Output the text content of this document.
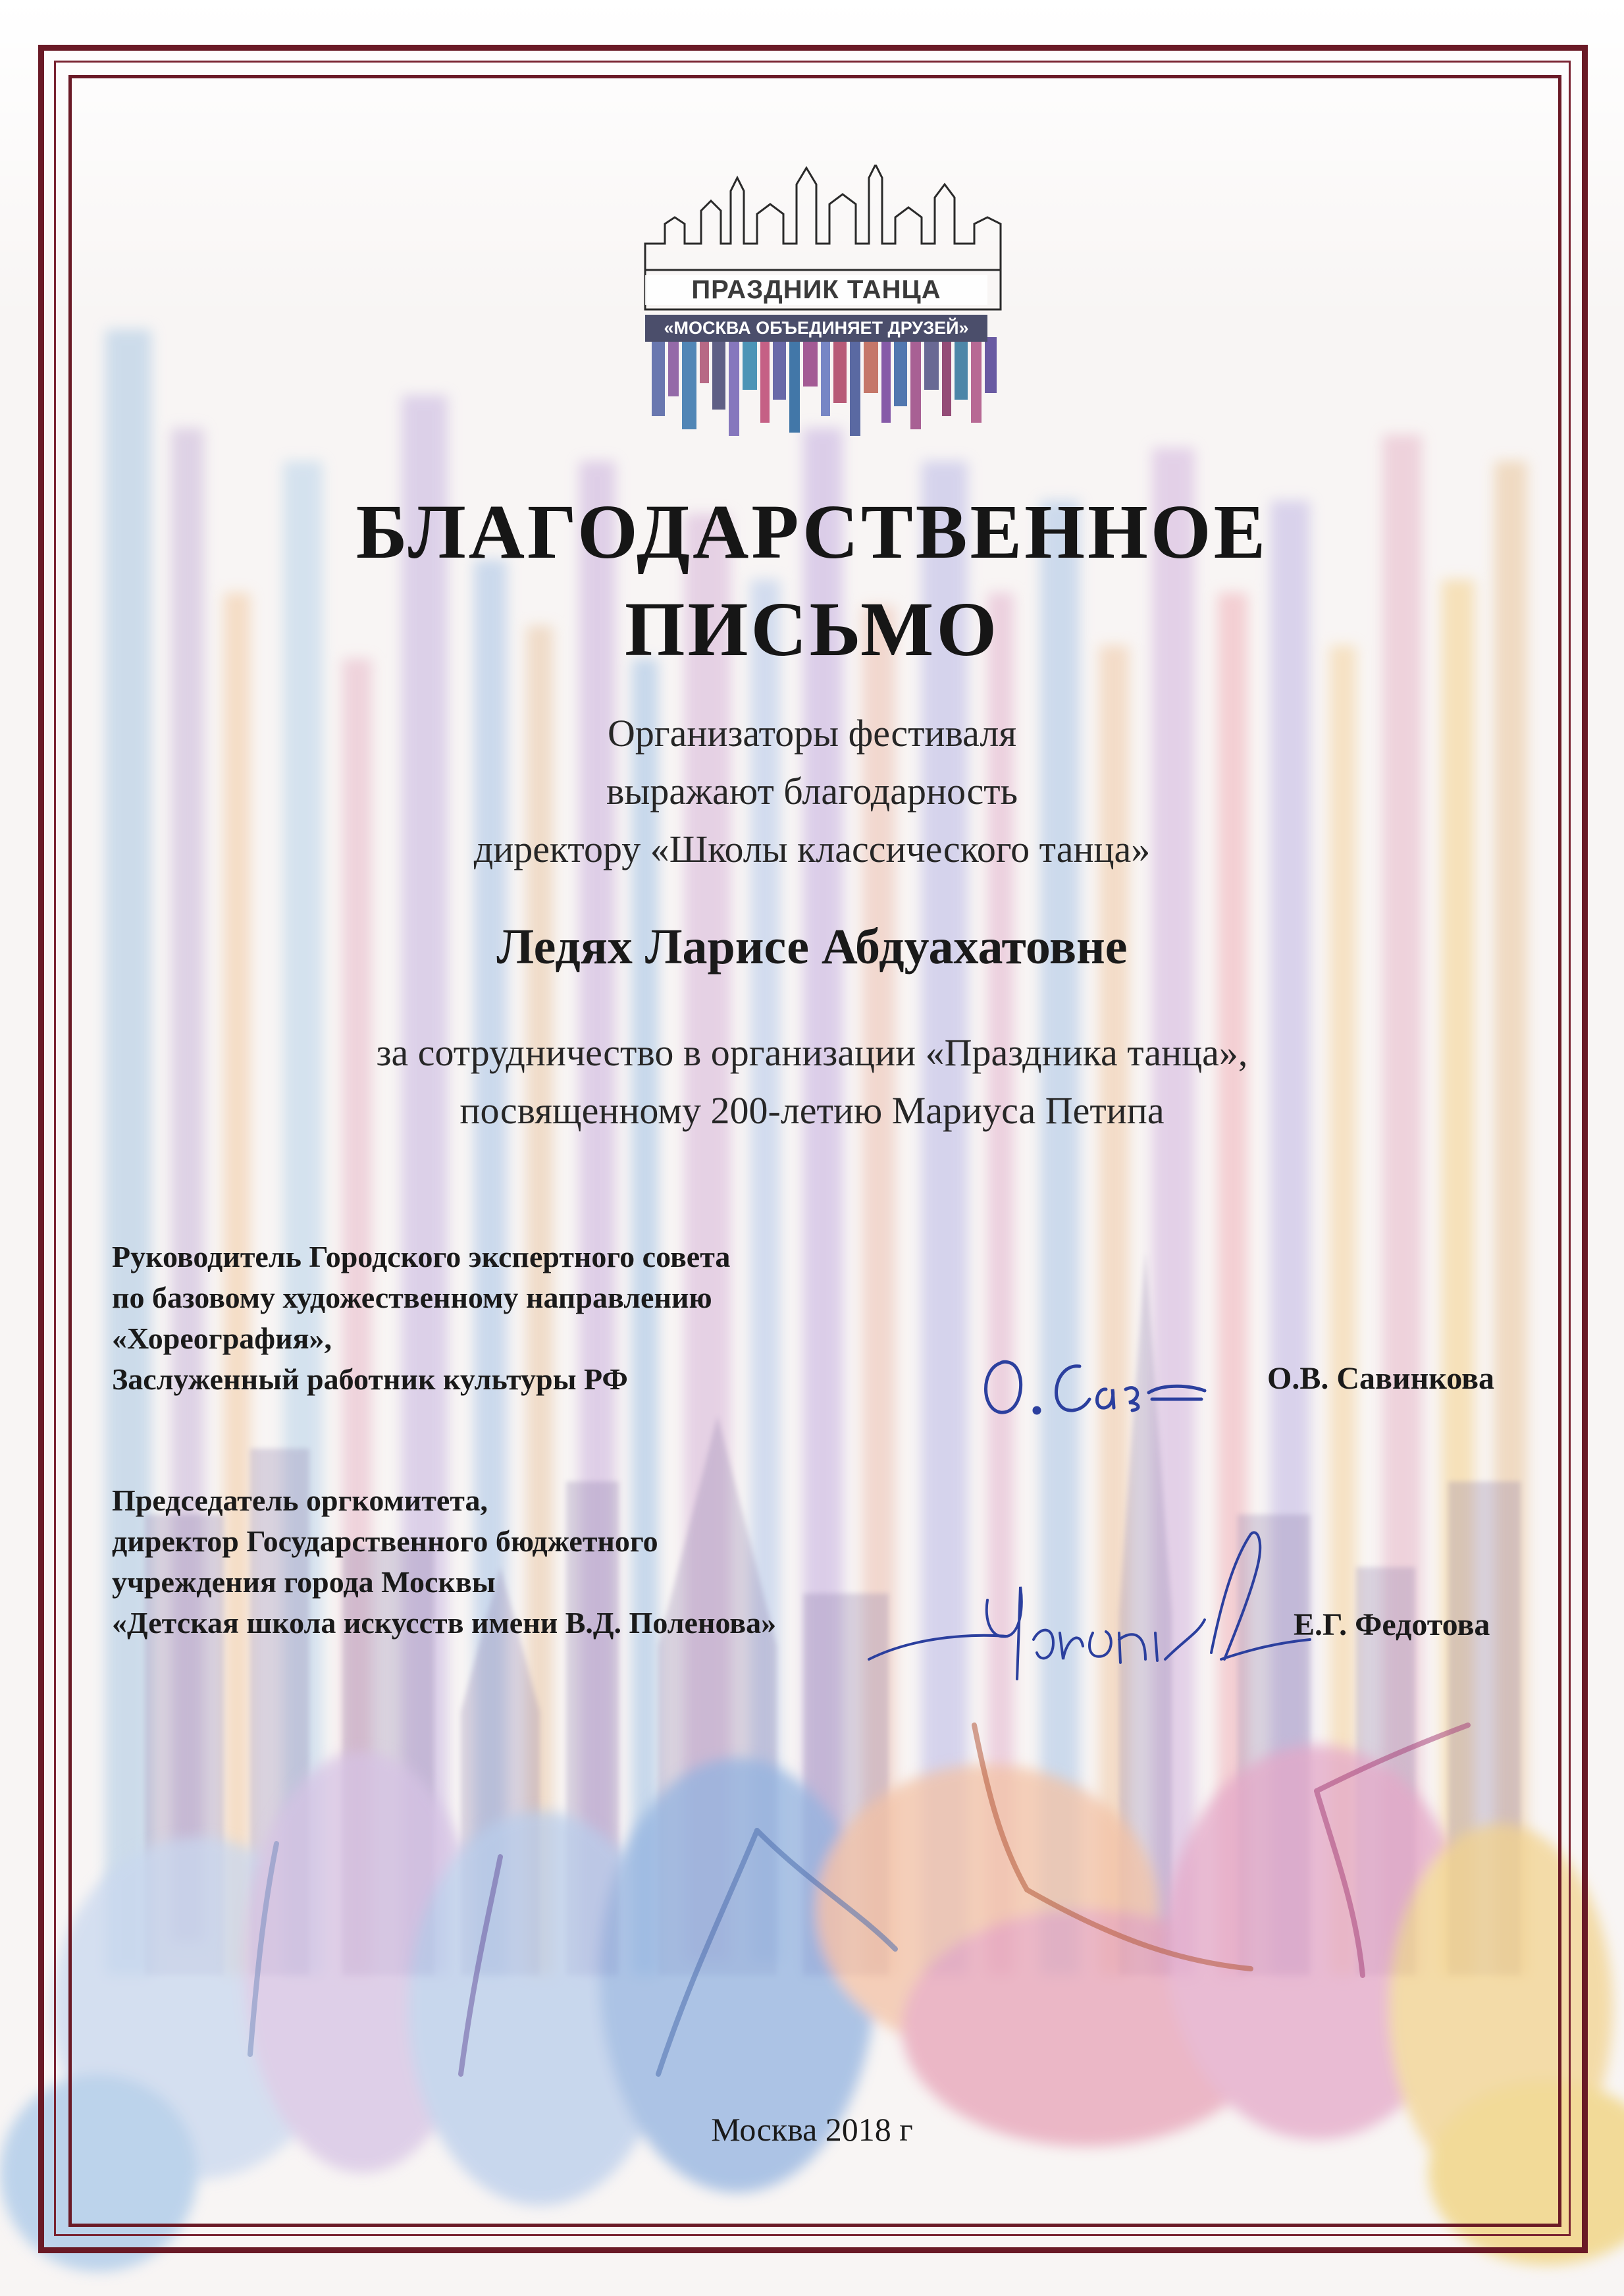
ПРАЗДНИК ТАНЦА
«МОСКВА ОБЪЕДИНЯЕТ ДРУЗЕЙ»
БЛАГОДАРСТВЕННОЕ
ПИСЬМО
Организаторы фестиваля
выражают благодарность
директору «Школы классического танца»
Ледях Ларисе Абдуахатовне
за сотрудничество в организации «Праздника танца»,
посвященному 200-летию Мариуса Петипа
Руководитель Городского экспертного совета
по базовому художественному направлению
«Хореография»,
Заслуженный работник культуры РФ	О.В. Савинкова
Председатель оргкомитета,
директор Государственного бюджетного
учреждения города Москвы
«Детская школа искусств имени В.Д. Поленова»	Е.Г. Федотова
Москва 2018 г
